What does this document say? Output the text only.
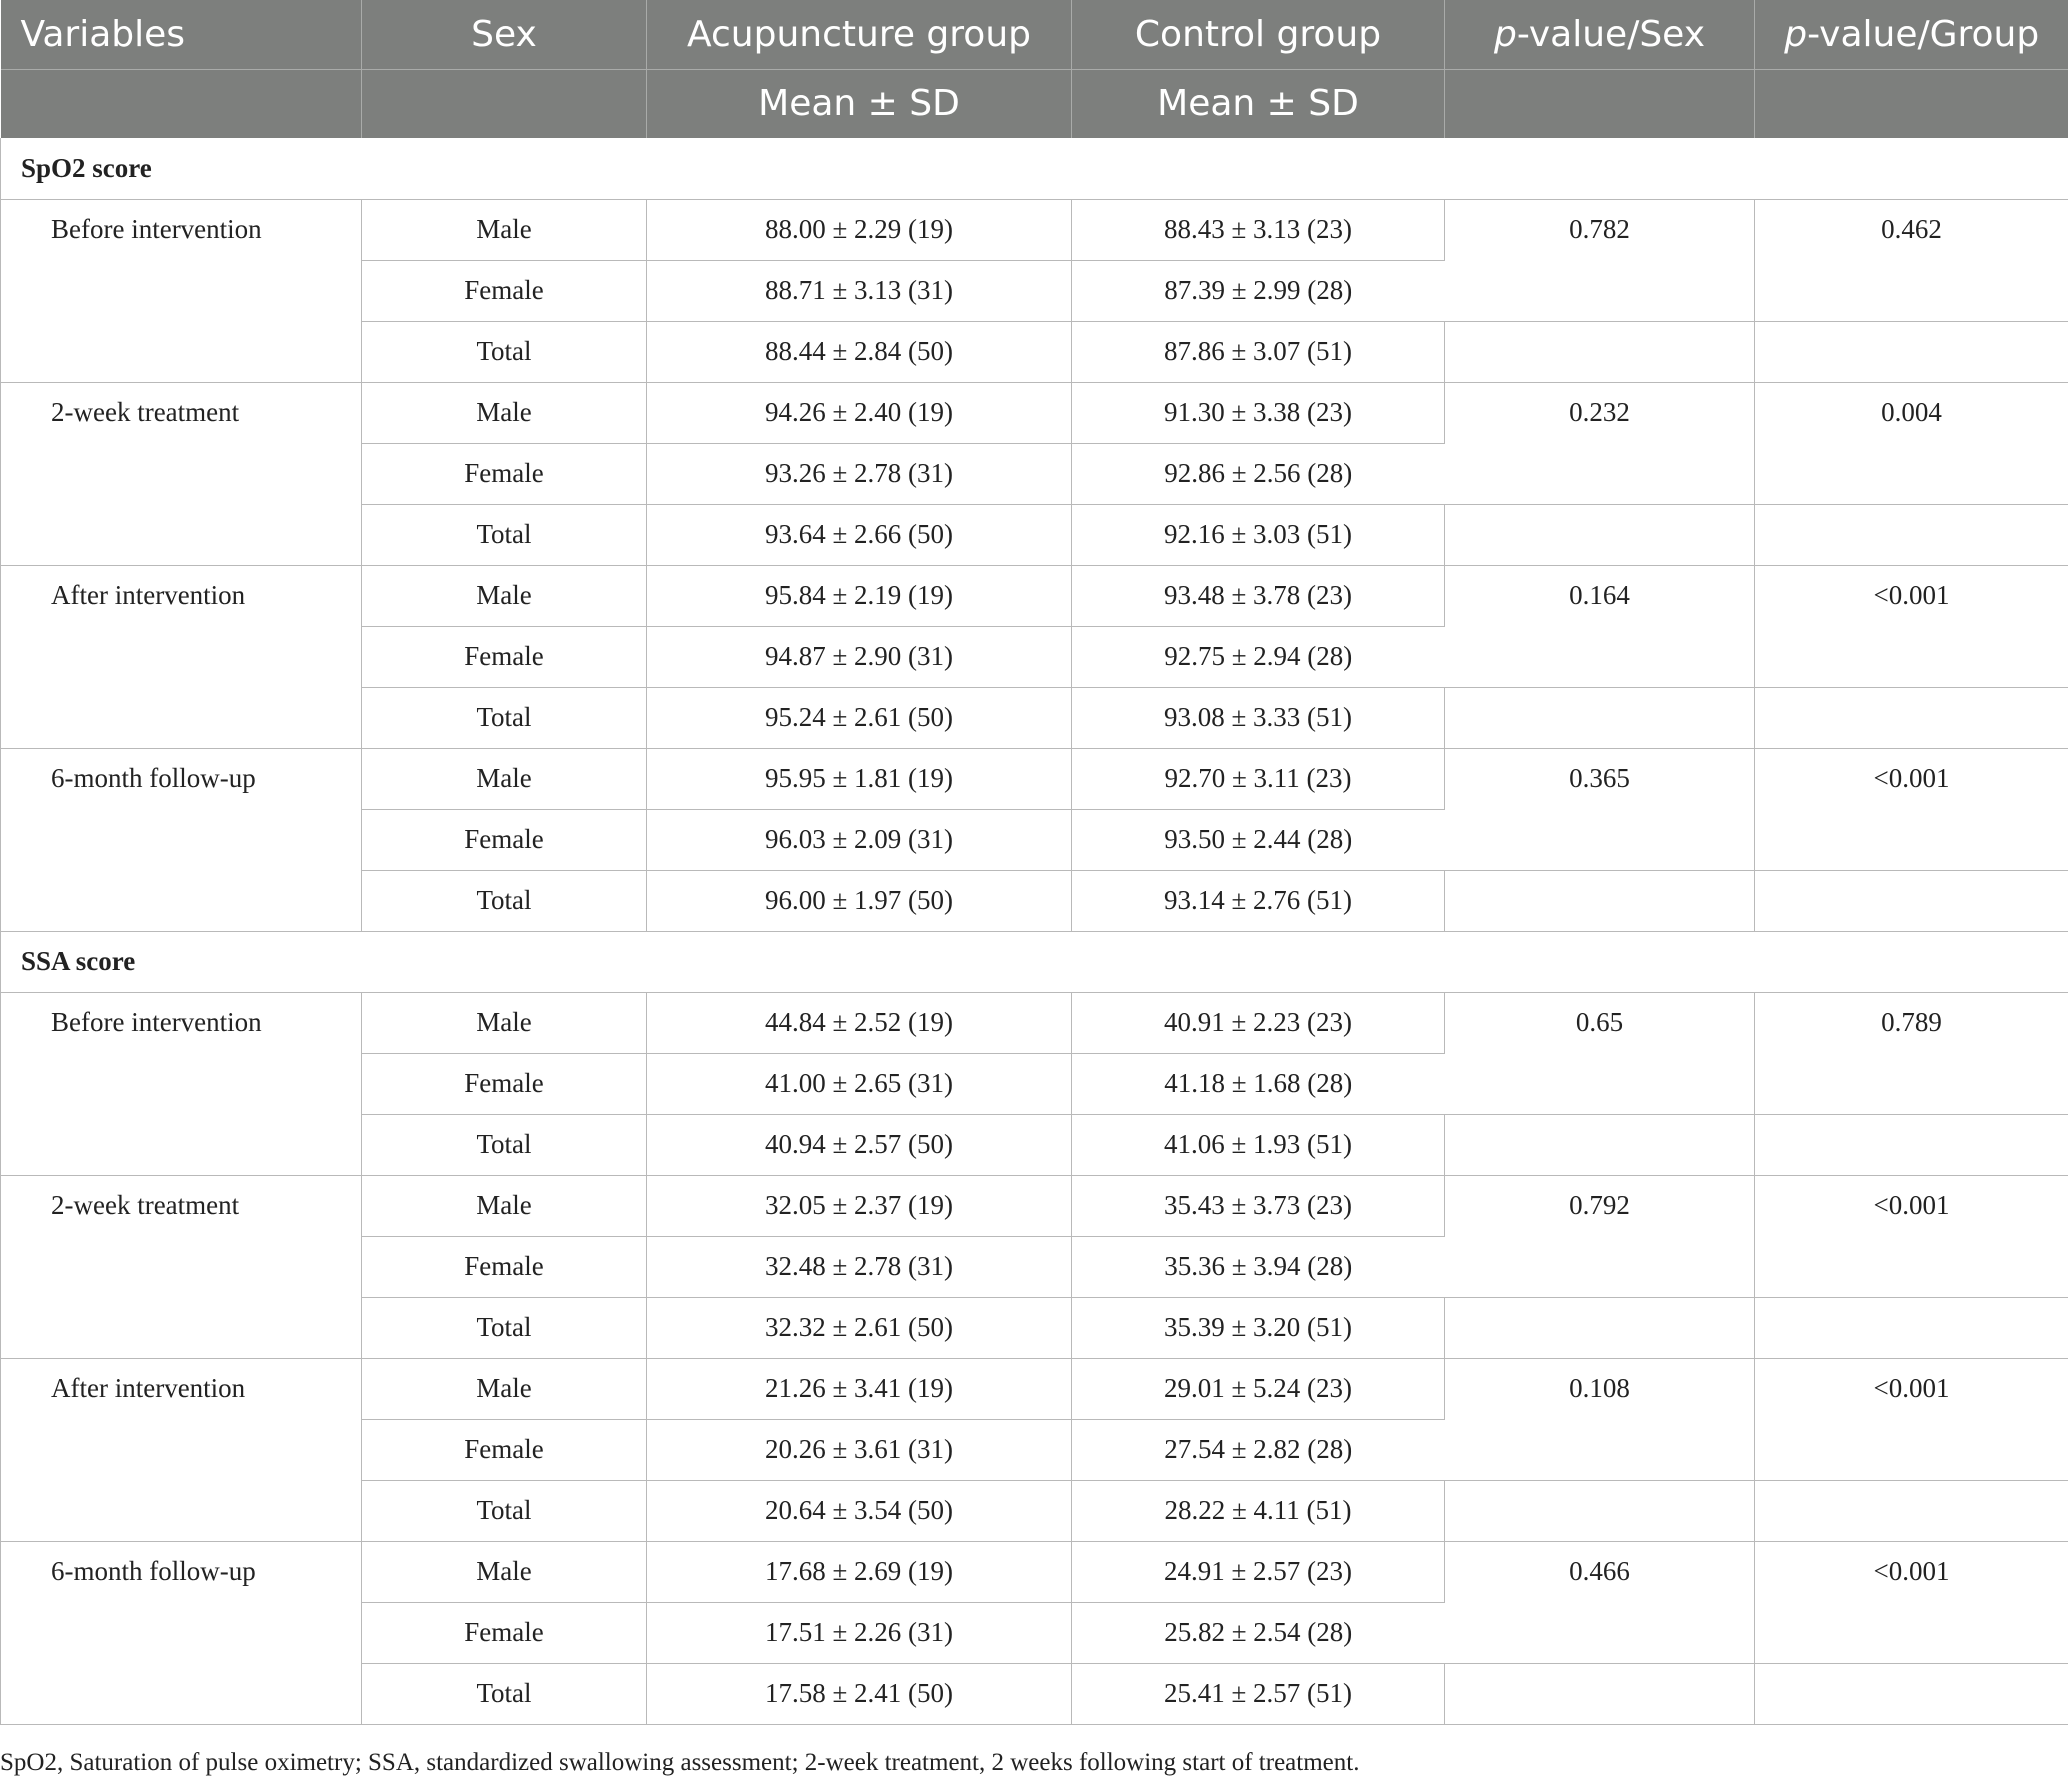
Variables	Sex	Acupuncture group	Control group	p-value/Sex	p-value/Group
		Mean ± SD	Mean ± SD		
SpO2 score					
Before intervention	Male	88.00 ± 2.29 (19)	88.43 ± 3.13 (23)	0.782	0.462
	Female	88.71 ± 3.13 (31)	87.39 ± 2.99 (28)		
	Total	88.44 ± 2.84 (50)	87.86 ± 3.07 (51)		
2-week treatment	Male	94.26 ± 2.40 (19)	91.30 ± 3.38 (23)	0.232	0.004
	Female	93.26 ± 2.78 (31)	92.86 ± 2.56 (28)		
	Total	93.64 ± 2.66 (50)	92.16 ± 3.03 (51)		
After intervention	Male	95.84 ± 2.19 (19)	93.48 ± 3.78 (23)	0.164	<0.001
	Female	94.87 ± 2.90 (31)	92.75 ± 2.94 (28)		
	Total	95.24 ± 2.61 (50)	93.08 ± 3.33 (51)		
6-month follow-up	Male	95.95 ± 1.81 (19)	92.70 ± 3.11 (23)	0.365	<0.001
	Female	96.03 ± 2.09 (31)	93.50 ± 2.44 (28)		
	Total	96.00 ± 1.97 (50)	93.14 ± 2.76 (51)		
SSA score					
Before intervention	Male	44.84 ± 2.52 (19)	40.91 ± 2.23 (23)	0.65	0.789
	Female	41.00 ± 2.65 (31)	41.18 ± 1.68 (28)		
	Total	40.94 ± 2.57 (50)	41.06 ± 1.93 (51)		
2-week treatment	Male	32.05 ± 2.37 (19)	35.43 ± 3.73 (23)	0.792	<0.001
	Female	32.48 ± 2.78 (31)	35.36 ± 3.94 (28)		
	Total	32.32 ± 2.61 (50)	35.39 ± 3.20 (51)		
After intervention	Male	21.26 ± 3.41 (19)	29.01 ± 5.24 (23)	0.108	<0.001
	Female	20.26 ± 3.61 (31)	27.54 ± 2.82 (28)		
	Total	20.64 ± 3.54 (50)	28.22 ± 4.11 (51)		
6-month follow-up	Male	17.68 ± 2.69 (19)	24.91 ± 2.57 (23)	0.466	<0.001
	Female	17.51 ± 2.26 (31)	25.82 ± 2.54 (28)		
	Total	17.58 ± 2.41 (50)	25.41 ± 2.57 (51)		
SpO2, Saturation of pulse oximetry; SSA, standardized swallowing assessment; 2-week treatment, 2 weeks following start of treatment.
